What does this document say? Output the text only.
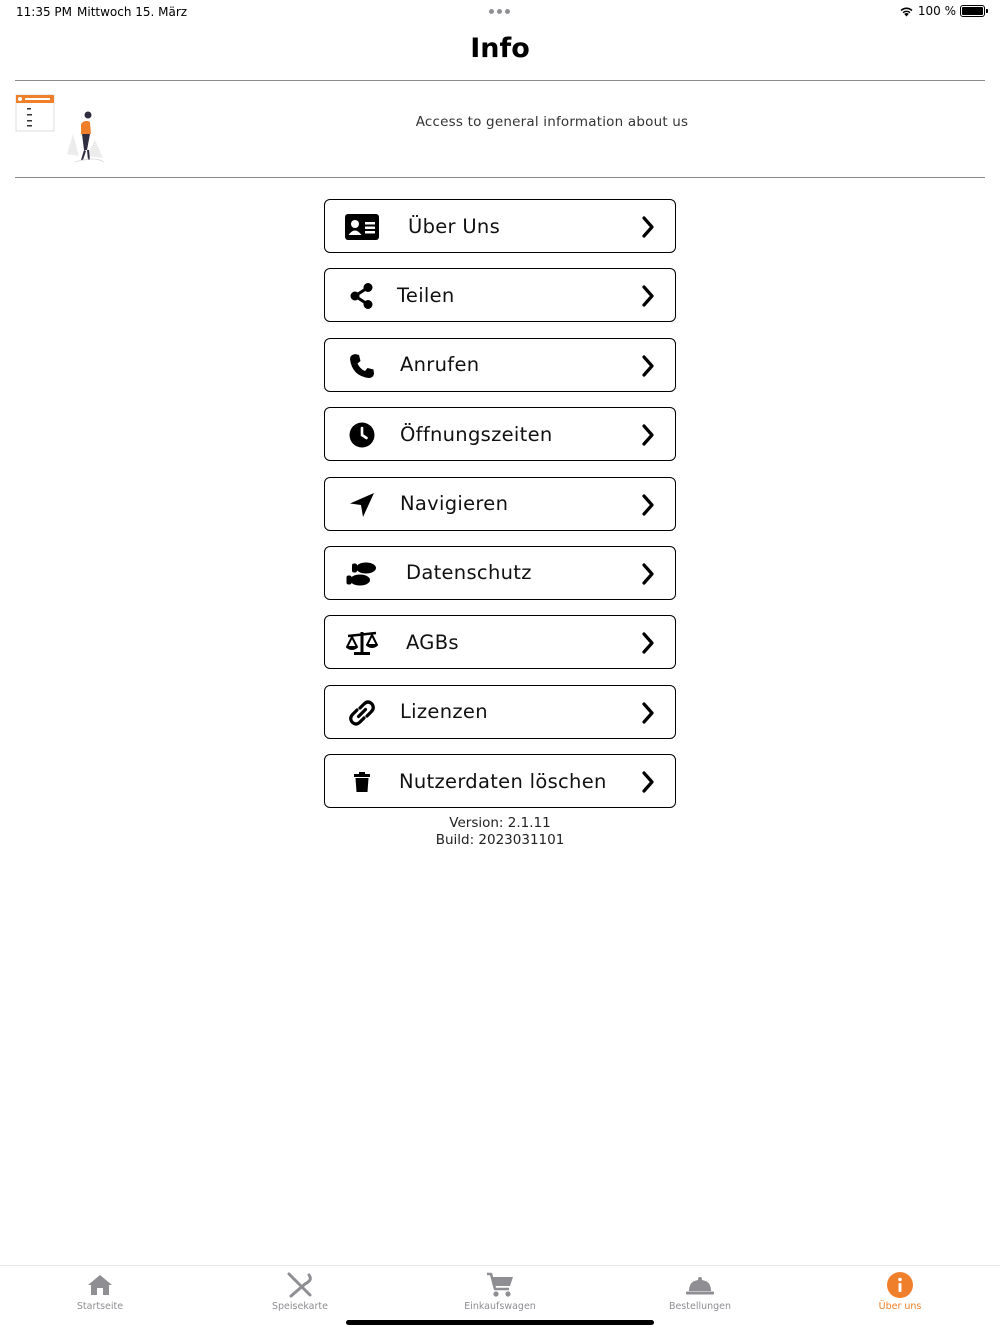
11:35 PM Mittwoch 15. März	100 %
Info
Access to general information about us
Über Uns
Teilen
Anrufen
Öffnungszeiten
Navigieren
Datenschutz
AGBs
Lizenzen
Nutzerdaten löschen
Version: 2.1.11
Build: 2023031101
Startseite	Speisekarte	Einkaufswagen	Bestellungen	Über uns
